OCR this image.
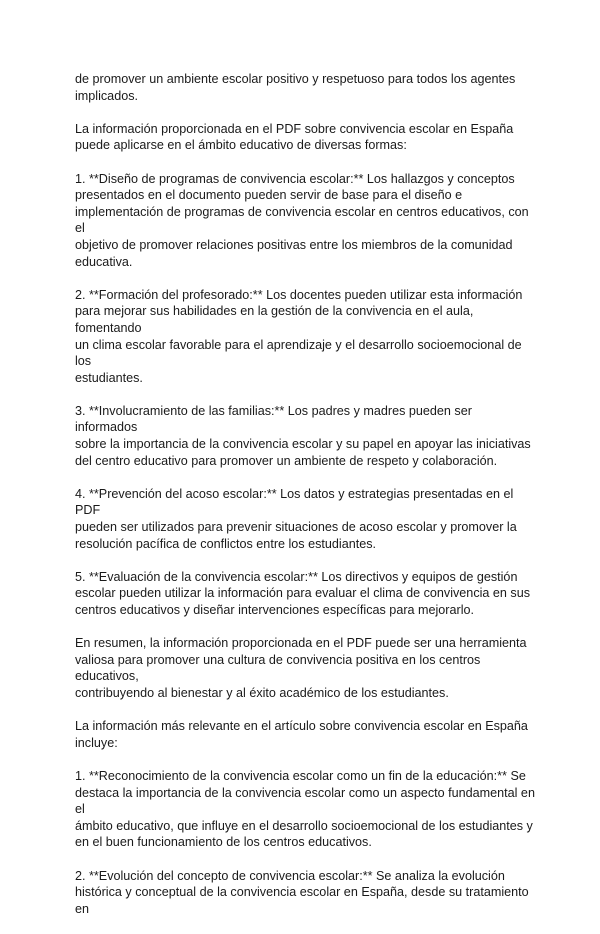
de promover un ambiente escolar positivo y respetuoso para todos los agentes
implicados.

La información proporcionada en el PDF sobre convivencia escolar en España
puede aplicarse en el ámbito educativo de diversas formas:

1. **Diseño de programas de convivencia escolar:** Los hallazgos y conceptos
presentados en el documento pueden servir de base para el diseño e
implementación de programas de convivencia escolar en centros educativos, con el
objetivo de promover relaciones positivas entre los miembros de la comunidad
educativa.

2. **Formación del profesorado:** Los docentes pueden utilizar esta información
para mejorar sus habilidades en la gestión de la convivencia en el aula, fomentando
un clima escolar favorable para el aprendizaje y el desarrollo socioemocional de los
estudiantes.

3. **Involucramiento de las familias:** Los padres y madres pueden ser informados
sobre la importancia de la convivencia escolar y su papel en apoyar las iniciativas
del centro educativo para promover un ambiente de respeto y colaboración.

4. **Prevención del acoso escolar:** Los datos y estrategias presentadas en el PDF
pueden ser utilizados para prevenir situaciones de acoso escolar y promover la
resolución pacífica de conflictos entre los estudiantes.

5. **Evaluación de la convivencia escolar:** Los directivos y equipos de gestión
escolar pueden utilizar la información para evaluar el clima de convivencia en sus
centros educativos y diseñar intervenciones específicas para mejorarlo.

En resumen, la información proporcionada en el PDF puede ser una herramienta
valiosa para promover una cultura de convivencia positiva en los centros educativos,
contribuyendo al bienestar y al éxito académico de los estudiantes.

La información más relevante en el artículo sobre convivencia escolar en España
incluye:

1. **Reconocimiento de la convivencia escolar como un fin de la educación:** Se
destaca la importancia de la convivencia escolar como un aspecto fundamental en el
ámbito educativo, que influye en el desarrollo socioemocional de los estudiantes y
en el buen funcionamiento de los centros educativos.

2. **Evolución del concepto de convivencia escolar:** Se analiza la evolución
histórica y conceptual de la convivencia escolar en España, desde su tratamiento en
